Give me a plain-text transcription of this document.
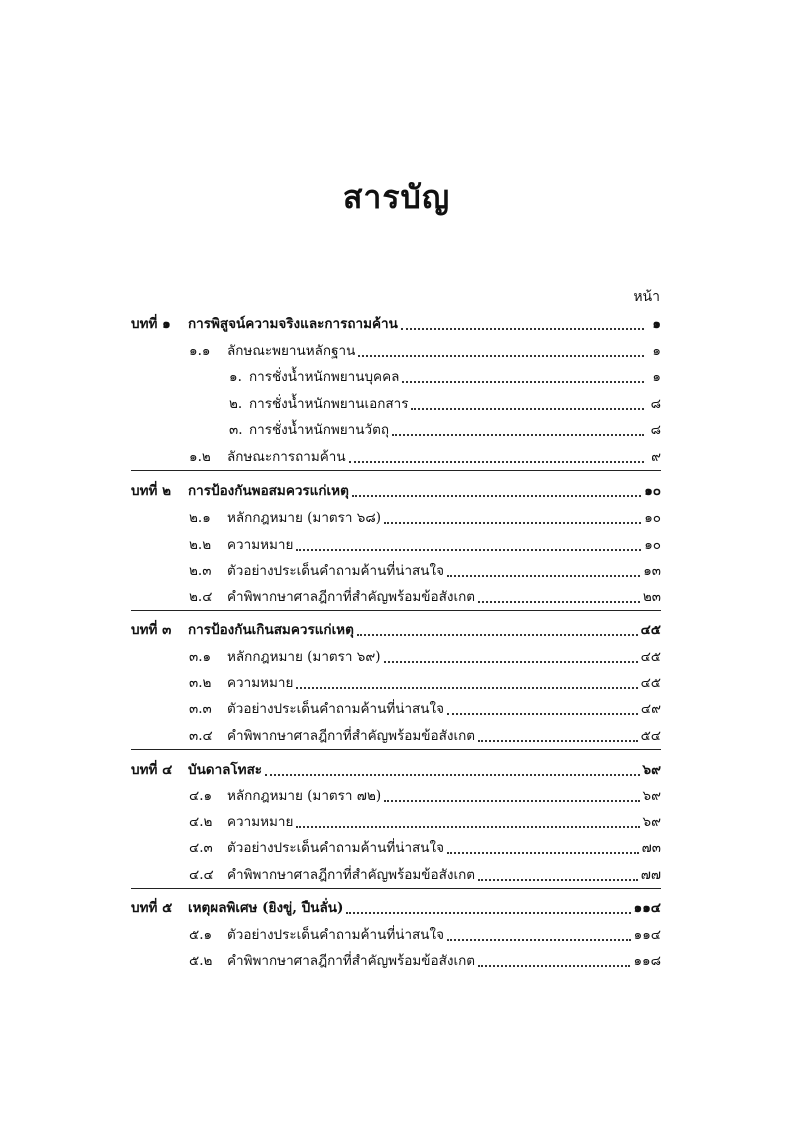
สารบัญ
หน้า
บทที่ ๑	การพิสูจน์ความจริงและการถามค้าน	๑
๑.๑	ลักษณะพยานหลักฐาน	๑
๑. การชั่งน้ำหนักพยานบุคคล	๑
๒. การชั่งน้ำหนักพยานเอกสาร	๘
๓. การชั่งน้ำหนักพยานวัตถุ	๘
๑.๒	ลักษณะการถามค้าน	๙
บทที่ ๒	การป้องกันพอสมควรแก่เหตุ	๑๐
๒.๑	หลักกฎหมาย (มาตรา ๖๘)	๑๐
๒.๒	ความหมาย	๑๐
๒.๓	ตัวอย่างประเด็นคำถามค้านที่น่าสนใจ	๑๓
๒.๔	คำพิพากษาศาลฎีกาที่สำคัญพร้อมข้อสังเกต	๒๓
บทที่ ๓	การป้องกันเกินสมควรแก่เหตุ	๔๕
๓.๑	หลักกฎหมาย (มาตรา ๖๙)	๔๕
๓.๒	ความหมาย	๔๕
๓.๓	ตัวอย่างประเด็นคำถามค้านที่น่าสนใจ	๔๙
๓.๔	คำพิพากษาศาลฎีกาที่สำคัญพร้อมข้อสังเกต	๕๔
บทที่ ๔	บันดาลโทสะ	๖๙
๔.๑	หลักกฎหมาย (มาตรา ๗๒)	๖๙
๔.๒	ความหมาย	๖๙
๔.๓	ตัวอย่างประเด็นคำถามค้านที่น่าสนใจ	๗๓
๔.๔ คำพิพากษาศาลฎีกาที่สำคัญพร้อมข้อสังเกต	๗๗
บทที่ ๕	เหตุผลพิเศษ (ยิงขู่, ปืนลั่น)	๑๑๔
๕.๑	ตัวอย่างประเด็นคำถามค้านที่น่าสนใจ	๑๑๔
๕.๒	คำพิพากษาศาลฎีกาที่สำคัญพร้อมข้อสังเกต	๑๑๘
